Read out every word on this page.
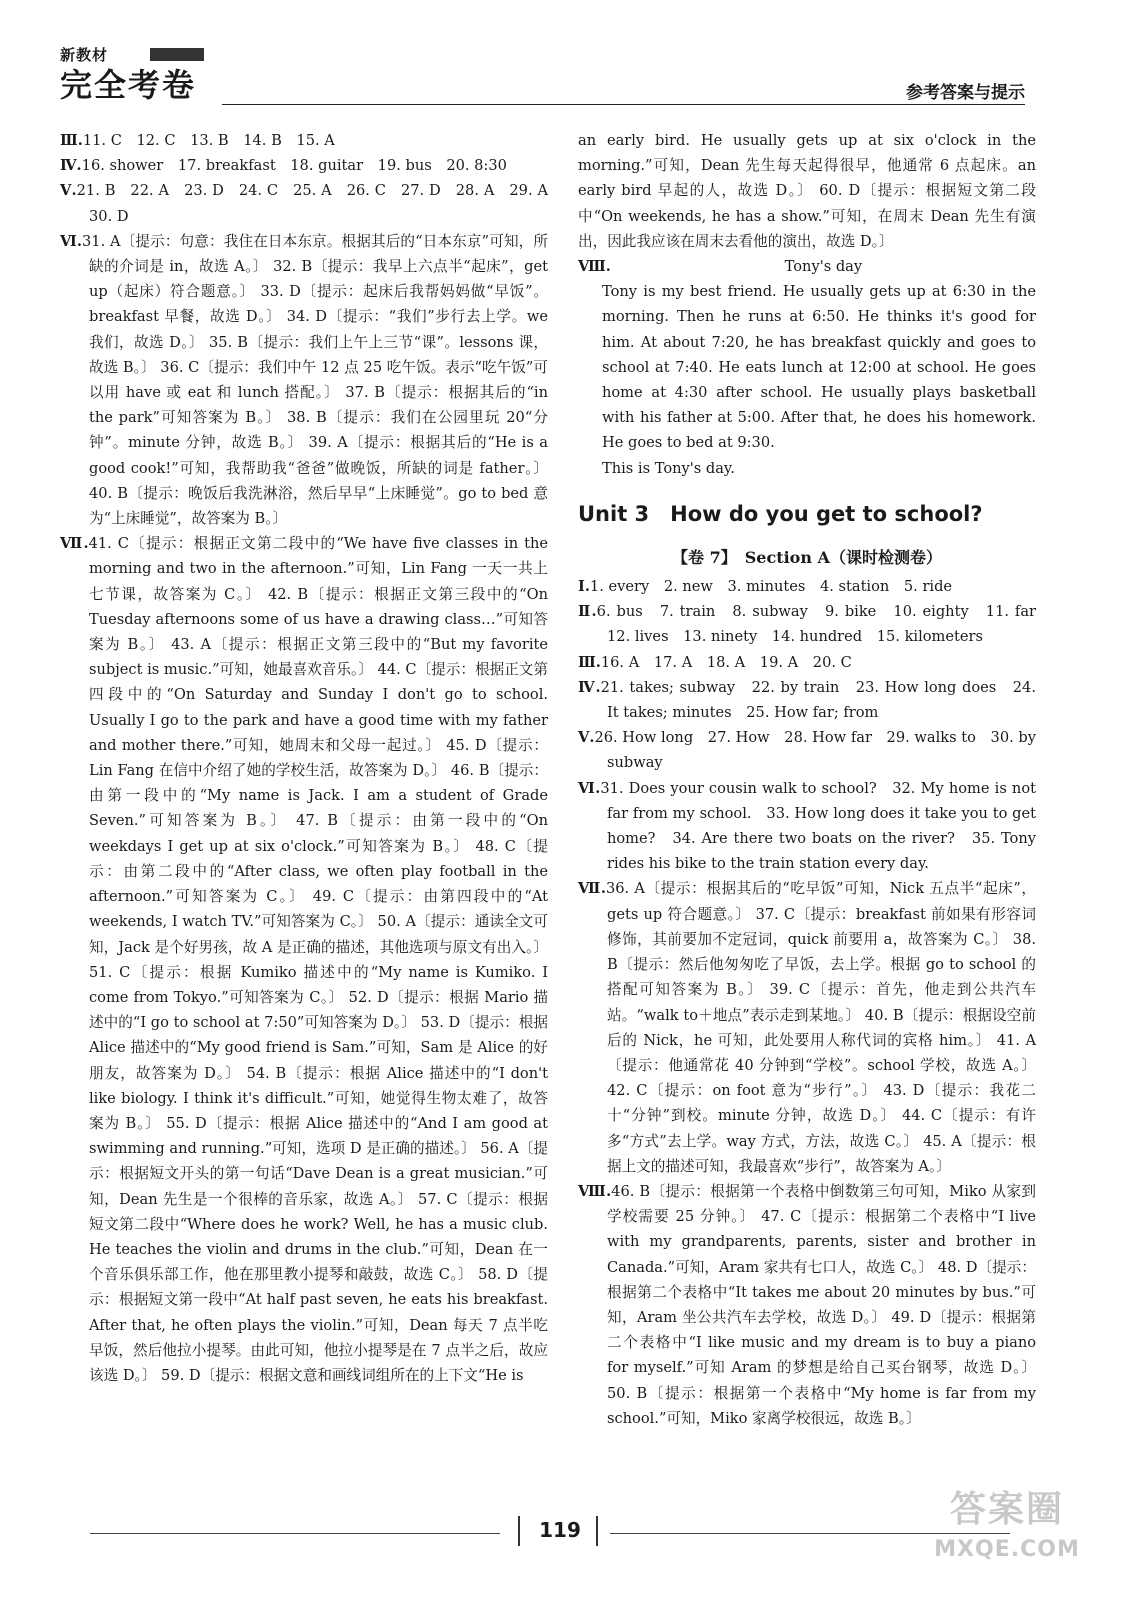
新教材
完全考卷	参考答案与提示

Ⅲ.11. C　12. C　13. B　14. B　15. A

Ⅳ.16. shower　17. breakfast　18. guitar　19. bus　20. 8:30

Ⅴ.21. B　22. A　23. D　24. C　25. A　26. C　27. D　28. A　29. A　30. D

Ⅵ.31. A〔提示：句意：我住在日本东京。根据其后的“日本东京”可知，所缺的介词是 in，故选 A。〕 32. B〔提示：我早上六点半“起床”，get up（起床）符合题意。〕 33. D〔提示：起床后我帮妈妈做“早饭”。breakfast 早餐，故选 D。〕 34. D〔提示：“我们”步行去上学。we 我们，故选 D。〕 35. B〔提示：我们上午上三节“课”。lessons 课，故选 B。〕 36. C〔提示：我们中午 12 点 25 吃午饭。表示“吃午饭”可以用 have 或 eat 和 lunch 搭配。〕 37. B〔提示：根据其后的“in the park”可知答案为 B。〕 38. B〔提示：我们在公园里玩 20“分钟”。minute 分钟，故选 B。〕 39. A〔提示：根据其后的“He is a good cook!”可知，我帮助我“爸爸”做晚饭，所缺的词是 father。〕 40. B〔提示：晚饭后我洗淋浴，然后早早“上床睡觉”。go to bed 意为“上床睡觉”，故答案为 B。〕

Ⅶ.41. C〔提示：根据正文第二段中的“We have five classes in the morning and two in the afternoon.”可知，Lin Fang 一天一共上七节课，故答案为 C。〕 42. B〔提示：根据正文第三段中的“On Tuesday afternoons some of us have a drawing class…”可知答案为 B。〕 43. A〔提示：根据正文第三段中的“But my favorite subject is music.”可知，她最喜欢音乐。〕 44. C〔提示：根据正文第四段中的“On Saturday and Sunday I don't go to school. Usually I go to the park and have a good time with my father and mother there.”可知，她周末和父母一起过。〕 45. D〔提示：Lin Fang 在信中介绍了她的学校生活，故答案为 D。〕 46. B〔提示：由第一段中的“My name is Jack. I am a student of Grade Seven.”可知答案为 B。〕 47. B〔提示：由第一段中的“On weekdays I get up at six o'clock.”可知答案为 B。〕 48. C〔提示：由第二段中的“After class, we often play football in the afternoon.”可知答案为 C。〕 49. C〔提示：由第四段中的“At weekends, I watch TV.”可知答案为 C。〕 50. A〔提示：通读全文可知，Jack 是个好男孩，故 A 是正确的描述，其他选项与原文有出入。〕 51. C〔提示：根据 Kumiko 描述中的“My name is Kumiko. I come from Tokyo.”可知答案为 C。〕 52. D〔提示：根据 Mario 描述中的“I go to school at 7:50”可知答案为 D。〕 53. D〔提示：根据 Alice 描述中的“My good friend is Sam.”可知，Sam 是 Alice 的好朋友，故答案为 D。〕 54. B〔提示：根据 Alice 描述中的“I don't like biology. I think it's difficult.”可知，她觉得生物太难了，故答案为 B。〕 55. D〔提示：根据 Alice 描述中的“And I am good at swimming and running.”可知，选项 D 是正确的描述。〕 56. A〔提示：根据短文开头的第一句话“Dave Dean is a great musician.”可知，Dean 先生是一个很棒的音乐家，故选 A。〕 57. C〔提示：根据短文第二段中“Where does he work? Well, he has a music club. He teaches the violin and drums in the club.”可知，Dean 在一个音乐俱乐部工作，他在那里教小提琴和敲鼓，故选 C。〕 58. D〔提示：根据短文第一段中“At half past seven, he eats his breakfast. After that, he often plays the violin.”可知，Dean 每天 7 点半吃早饭，然后他拉小提琴。由此可知，他拉小提琴是在 7 点半之后，故应该选 D。〕 59. D〔提示：根据文意和画线词组所在的上下文“He is

an early bird. He usually gets up at six o'clock in the morning.”可知，Dean 先生每天起得很早，他通常 6 点起床。an early bird 早起的人，故选 D。〕 60. D〔提示：根据短文第二段中“On weekends, he has a show.”可知，在周末 Dean 先生有演出，因此我应该在周末去看他的演出，故选 D。〕

Ⅷ.	Tony's day

Tony is my best friend. He usually gets up at 6:30 in the morning. Then he runs at 6:50. He thinks it's good for him. At about 7:20, he has breakfast quickly and goes to school at 7:40. He eats lunch at 12:00 at school. He goes home at 4:30 after school. He usually plays basketball with his father at 5:00. After that, he does his homework. He goes to bed at 9:30.

This is Tony's day.

Unit 3　How do you get to school?

【卷 7】　Section A（课时检测卷）

Ⅰ.1. every　2. new　3. minutes　4. station　5. ride

Ⅱ.6. bus　7. train　8. subway　9. bike　10. eighty　11. far　12. lives　13. ninety　14. hundred　15. kilometers

Ⅲ.16. A　17. A　18. A　19. A　20. C

Ⅳ.21. takes; subway　22. by train　23. How long does　24. It takes; minutes　25. How far; from

Ⅴ.26. How long　27. How　28. How far　29. walks to　30. by subway

Ⅵ.31. Does your cousin walk to school?　32. My home is not far from my school.　33. How long does it take you to get home?　34. Are there two boats on the river?　35. Tony rides his bike to the train station every day.

Ⅶ.36. A〔提示：根据其后的“吃早饭”可知，Nick 五点半“起床”，gets up 符合题意。〕 37. C〔提示：breakfast 前如果有形容词修饰，其前要加不定冠词，quick 前要用 a，故答案为 C。〕 38. B〔提示：然后他匆匆吃了早饭，去上学。根据 go to school 的搭配可知答案为 B。〕 39. C〔提示：首先，他走到公共汽车站。“walk to＋地点”表示走到某地。〕 40. B〔提示：根据设空前后的 Nick，he 可知，此处要用人称代词的宾格 him。〕 41. A〔提示：他通常花 40 分钟到“学校”。school 学校，故选 A。〕 42. C〔提示：on foot 意为“步行”。〕 43. D〔提示：我花二十“分钟”到校。minute 分钟，故选 D。〕 44. C〔提示：有许多“方式”去上学。way 方式，方法，故选 C。〕 45. A〔提示：根据上文的描述可知，我最喜欢“步行”，故答案为 A。〕

Ⅷ.46. B〔提示：根据第一个表格中倒数第三句可知，Miko 从家到学校需要 25 分钟。〕 47. C〔提示：根据第二个表格中“I live with my grandparents, parents, sister and brother in Canada.”可知，Aram 家共有七口人，故选 C。〕 48. D〔提示：根据第二个表格中“It takes me about 20 minutes by bus.”可知，Aram 坐公共汽车去学校，故选 D。〕 49. D〔提示：根据第二个表格中“I like music and my dream is to buy a piano for myself.”可知 Aram 的梦想是给自己买台钢琴，故选 D。〕 50. B〔提示：根据第一个表格中“My home is far from my school.”可知，Miko 家离学校很远，故选 B。〕

119	答案圈
MXQE.COM
